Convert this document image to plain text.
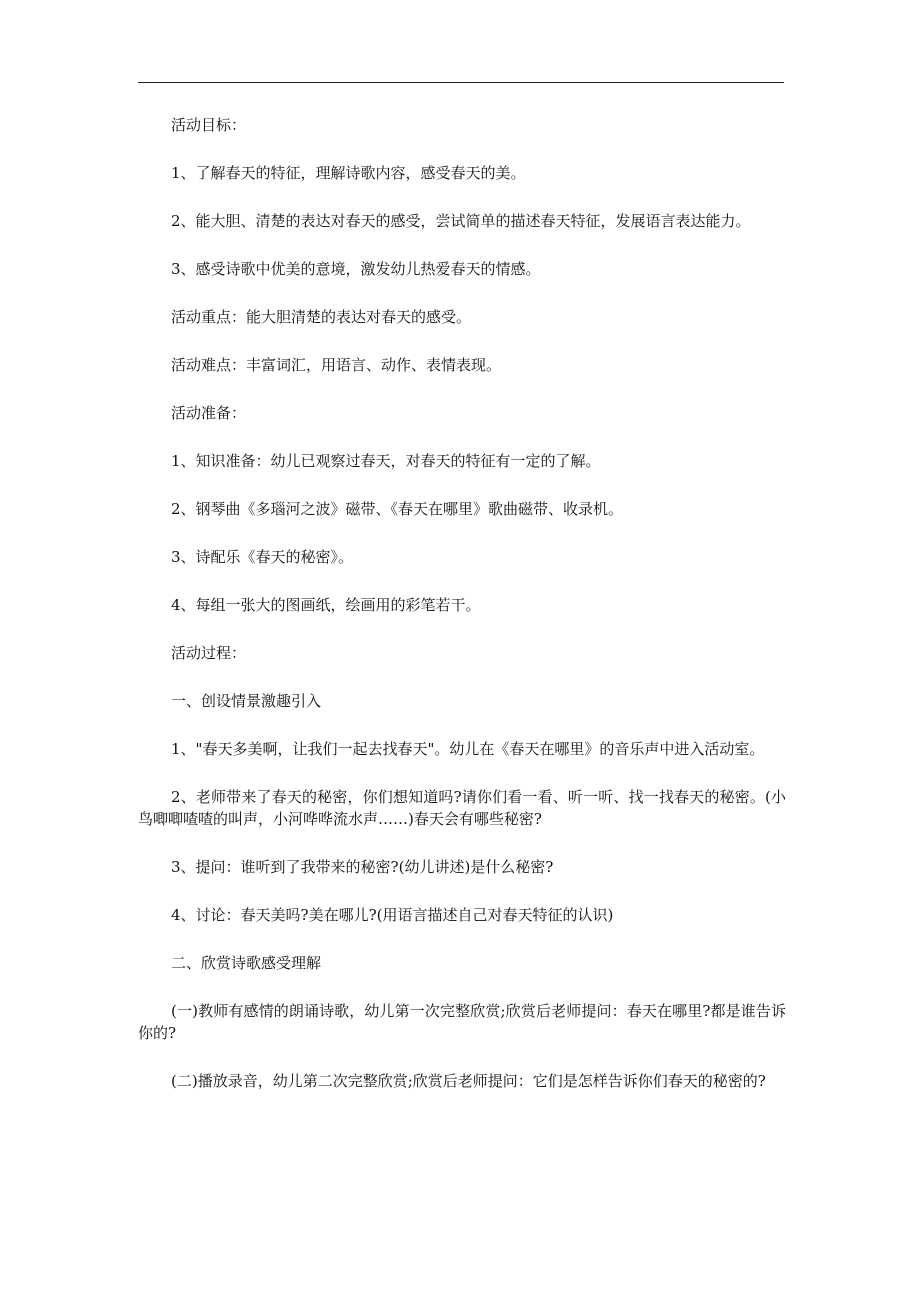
活动目标：

1、了解春天的特征，理解诗歌内容，感受春天的美。

2、能大胆、清楚的表达对春天的感受，尝试简单的描述春天特征，发展语言表达能力。

3、感受诗歌中优美的意境，激发幼儿热爱春天的情感。

活动重点：能大胆清楚的表达对春天的感受。

活动难点：丰富词汇，用语言、动作、表情表现。

活动准备：

1、知识准备：幼儿已观察过春天，对春天的特征有一定的了解。

2、钢琴曲《多瑙河之波》磁带、《春天在哪里》歌曲磁带、收录机。

3、诗配乐《春天的秘密》。

4、每组一张大的图画纸，绘画用的彩笔若干。

活动过程：

一、创设情景激趣引入

1、"春天多美啊，让我们一起去找春天"。幼儿在《春天在哪里》的音乐声中进入活动室。

2、老师带来了春天的秘密，你们想知道吗?请你们看一看、听一听、找一找春天的秘密。(小鸟唧唧喳喳的叫声，小河哗哗流水声……)春天会有哪些秘密?

3、提问：谁听到了我带来的秘密?(幼儿讲述)是什么秘密?

4、讨论：春天美吗?美在哪儿?(用语言描述自己对春天特征的认识)

二、欣赏诗歌感受理解

(一)教师有感情的朗诵诗歌，幼儿第一次完整欣赏;欣赏后老师提问：春天在哪里?都是谁告诉你的?

(二)播放录音，幼儿第二次完整欣赏;欣赏后老师提问：它们是怎样告诉你们春天的秘密的?
